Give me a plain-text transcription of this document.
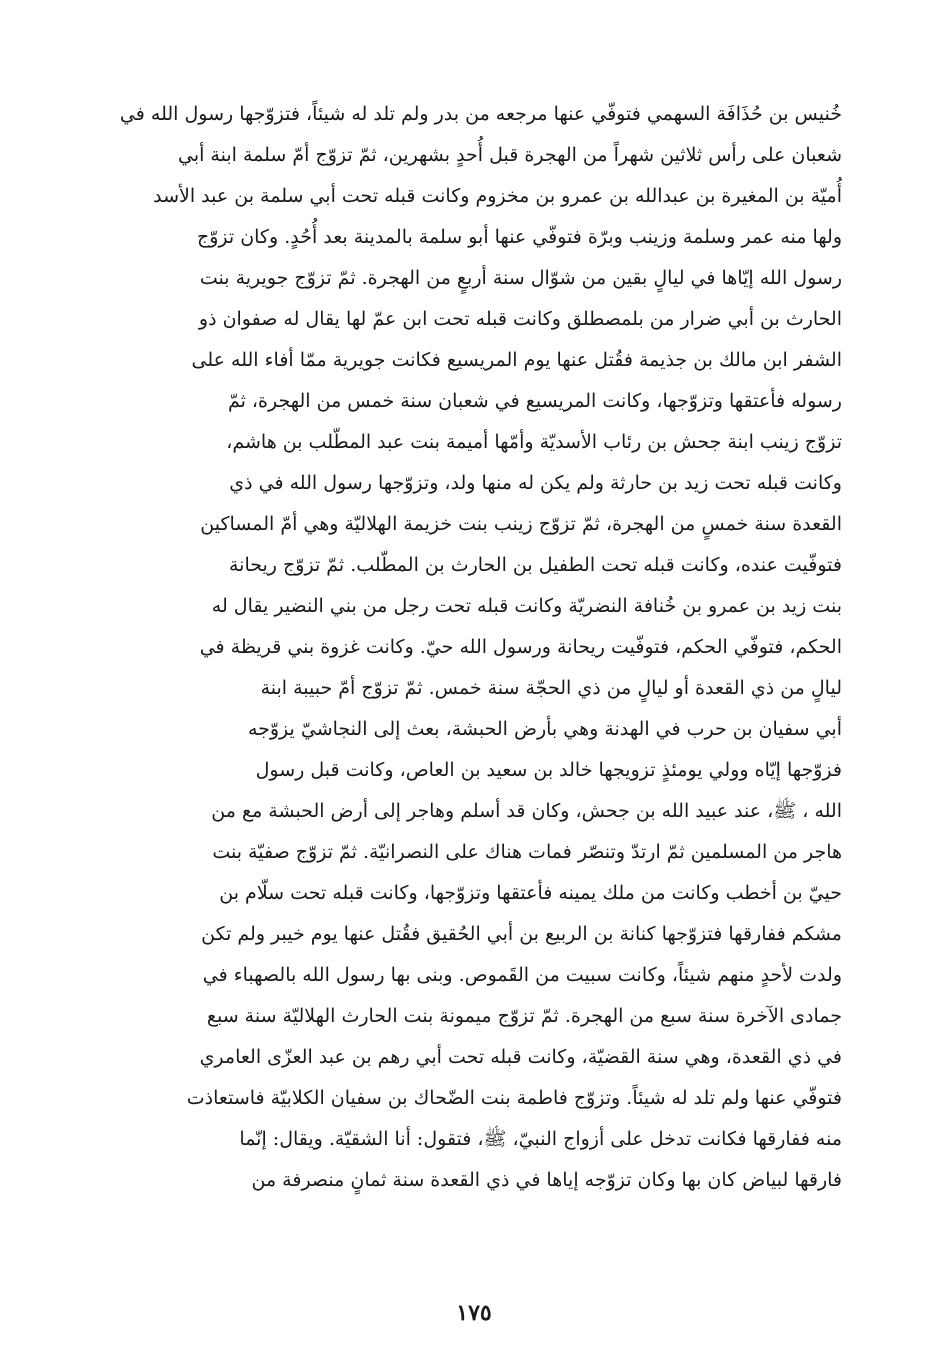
خُنيس بن حُذَافَة السهمي فتوفّي عنها مرجعه من بدر ولم تلد له شيئاً، فتزوّجها رسول الله في
شعبان على رأس ثلاثين شهراً من الهجرة قبل أُحدٍ بشهرين، ثمّ تزوّج أمّ سلمة ابنة أبي
أُميّة بن المغيرة بن عبدالله بن عمرو بن مخزوم وكانت قبله تحت أبي سلمة بن عبد الأسد
ولها منه عمر وسلمة وزينب وبرّة فتوفّي عنها أبو سلمة بالمدينة بعد أُحُدٍ. وكان تزوّج
رسول الله إيّاها في ليالٍ بقين من شوّال سنة أربعٍ من الهجرة. ثمّ تزوّج جويرية بنت
الحارث بن أبي ضرار من بلمصطلق وكانت قبله تحت ابن عمّ لها يقال له صفوان ذو
الشفر ابن مالك بن جذيمة فقُتل عنها يوم المريسيع فكانت جويرية ممّا أفاء الله على
رسوله فأعتقها وتزوّجها، وكانت المريسيع في شعبان سنة خمس من الهجرة، ثمّ
تزوّج زينب ابنة جحش بن رئاب الأسديّة وأمّها أميمة بنت عبد المطّلب بن هاشم،
وكانت قبله تحت زيد بن حارثة ولم يكن له منها ولد، وتزوّجها رسول الله في ذي
القعدة سنة خمسٍ من الهجرة، ثمّ تزوّج زينب بنت خزيمة الهلاليّة وهي أمّ المساكين
فتوفّيت عنده، وكانت قبله تحت الطفيل بن الحارث بن المطّلب. ثمّ تزوّج ريحانة
بنت زيد بن عمرو بن خُنافة النضريّة وكانت قبله تحت رجل من بني النضير يقال له
الحكم، فتوفّي الحكم، فتوفّيت ريحانة ورسول الله حيّ. وكانت غزوة بني قريظة في
ليالٍ من ذي القعدة أو ليالٍ من ذي الحجّة سنة خمس. ثمّ تزوّج أمّ حبيبة ابنة
أبي سفيان بن حرب في الهدنة وهي بأرض الحبشة، بعث إلى النجاشيّ يزوّجه
فزوّجها إيّاه وولي يومئذٍ تزويجها خالد بن سعيد بن العاص، وكانت قبل رسول
الله ، ﷺ، عند عبيد الله بن جحش، وكان قد أسلم وهاجر إلى أرض الحبشة مع من
هاجر من المسلمين ثمّ ارتدّ وتنصّر فمات هناك على النصرانيّة. ثمّ تزوّج صفيّة بنت
حييّ بن أخطب وكانت من ملك يمينه فأعتقها وتزوّجها، وكانت قبله تحت سلّام بن
مشكم ففارقها فتزوّجها كنانة بن الربيع بن أبي الحُقيق فقُتل عنها يوم خيبر ولم تكن
ولدت لأحدٍ منهم شيئاً، وكانت سبيت من القَموص. وبنى بها رسول الله بالصهباء في
جمادى الآخرة سنة سبع من الهجرة. ثمّ تزوّج ميمونة بنت الحارث الهلاليّة سنة سبع
في ذي القعدة، وهي سنة القضيّة، وكانت قبله تحت أبي رهم بن عبد العزّى العامري
فتوفّي عنها ولم تلد له شيئاً. وتزوّج فاطمة بنت الضّحاك بن سفيان الكلابيّة فاستعاذت
منه ففارقها فكانت تدخل على أزواج النبيّ، ﷺ، فتقول: أنا الشقيّة. ويقال: إنّما
فارقها لبياض كان بها وكان تزوّجه إياها في ذي القعدة سنة ثمانٍ منصرفة من
١٧٥
